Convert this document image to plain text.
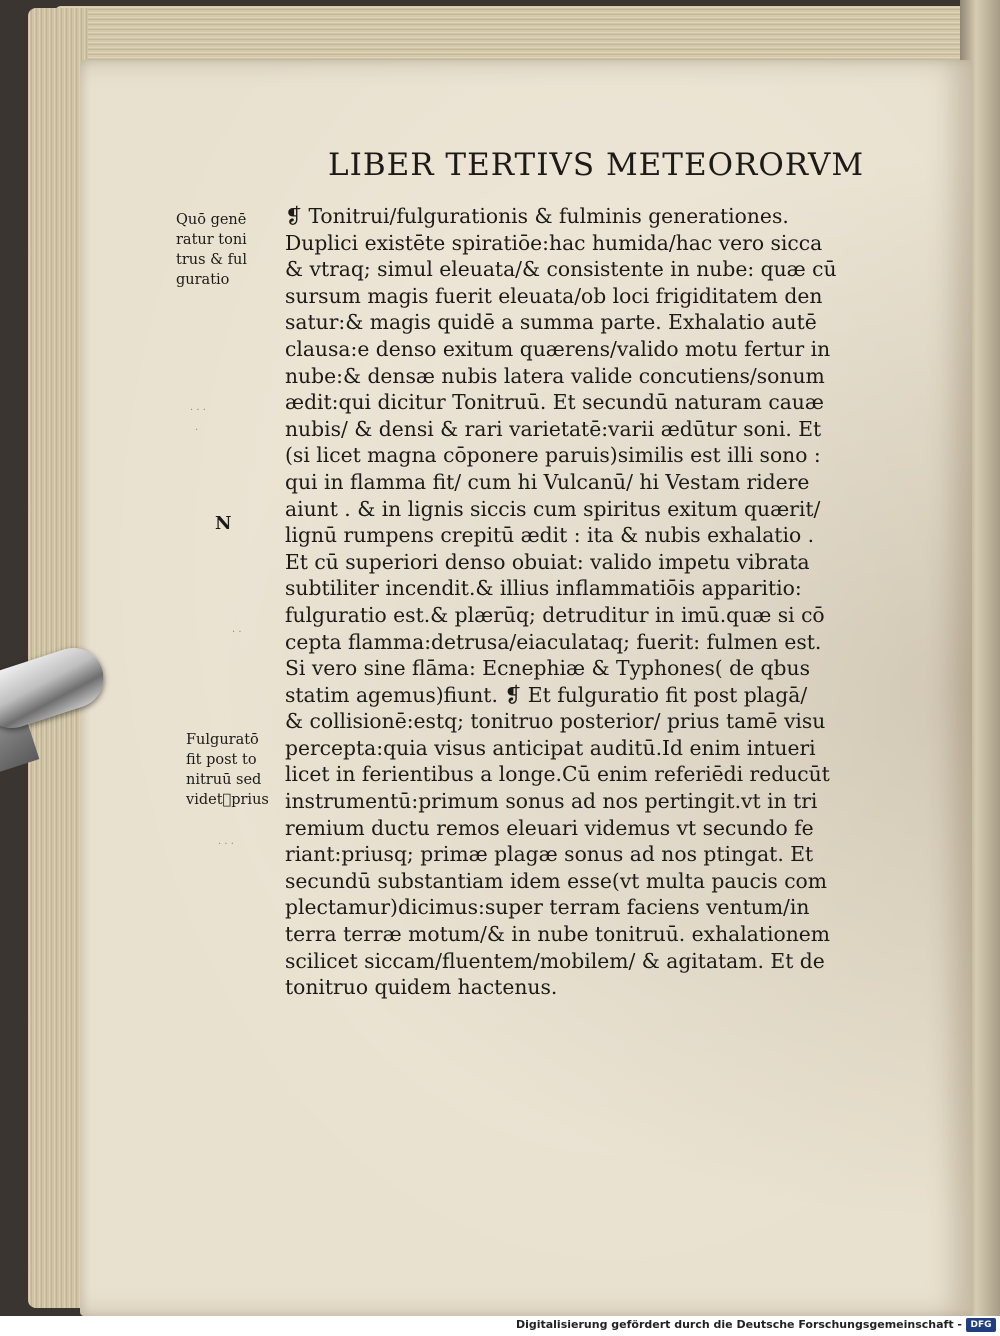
LIBER TERTIVS METEORORVM
Quō genē
ratur toni
trus & ful
guratio
· · ·
·
N
· ·
Fulguratō
fit post to
nitruū sed
videtᷓprius
· · ·
❡ Tonitrui/fulgurationis & fulminis generationes.
Duplici existēte spiratiōe:hac humida/hac vero sicca
& vtraq; simul eleuata/& consistente in nube: quæ cū
sursum magis fuerit eleuata/ob loci frigiditatem den
satur:& magis quidē a summa parte. Exhalatio autē
clausa:e denso exitum quærens/valido motu fertur in
nube:& densæ nubis latera valide concutiens/sonum
ædit:qui dicitur Tonitruū. Et secundū naturam cauæ
nubis/ & densi & rari varietatē:varii ædūtur soni. Et
(si licet magna cōponere paruis)similis est illi sono :
qui in flamma fit/ cum hi Vulcanū/ hi Vestam ridere
aiunt . & in lignis siccis cum spiritus exitum quærit/
lignū rumpens crepitū ædit : ita & nubis exhalatio .
Et cū superiori denso obuiat: valido impetu vibrata
subtiliter incendit.& illius inflammatiōis apparitio:
fulguratio est.& plærūq; detruditur in imū.quæ si cō
cepta flamma:detrusa/eiaculataq; fuerit: fulmen est.
Si vero sine flāma: Ecnephiæ & Typhones( de qbus
statim agemus)fiunt. ❡ Et fulguratio fit post plagā/
& collisionē:estq; tonitruo posterior/ prius tamē visu
percepta:quia visus anticipat auditū.Id enim intueri
licet in ferientibus a longe.Cū enim referiēdi reducūt
instrumentū:primum sonus ad nos pertingit.vt in tri
remium ductu remos eleuari videmus vt secundo fe
riant:priusq; primæ plagæ sonus ad nos ptingat. Et
secundū substantiam idem esse(vt multa paucis com
plectamur)dicimus:super terram faciens ventum/in
terra terræ motum/& in nube tonitruū. exhalationem
scilicet siccam/fluentem/mobilem/ & agitatam. Et de
tonitruo quidem hactenus.
Digitalisierung gefördert durch die Deutsche Forschungsgemeinschaft - DFG
